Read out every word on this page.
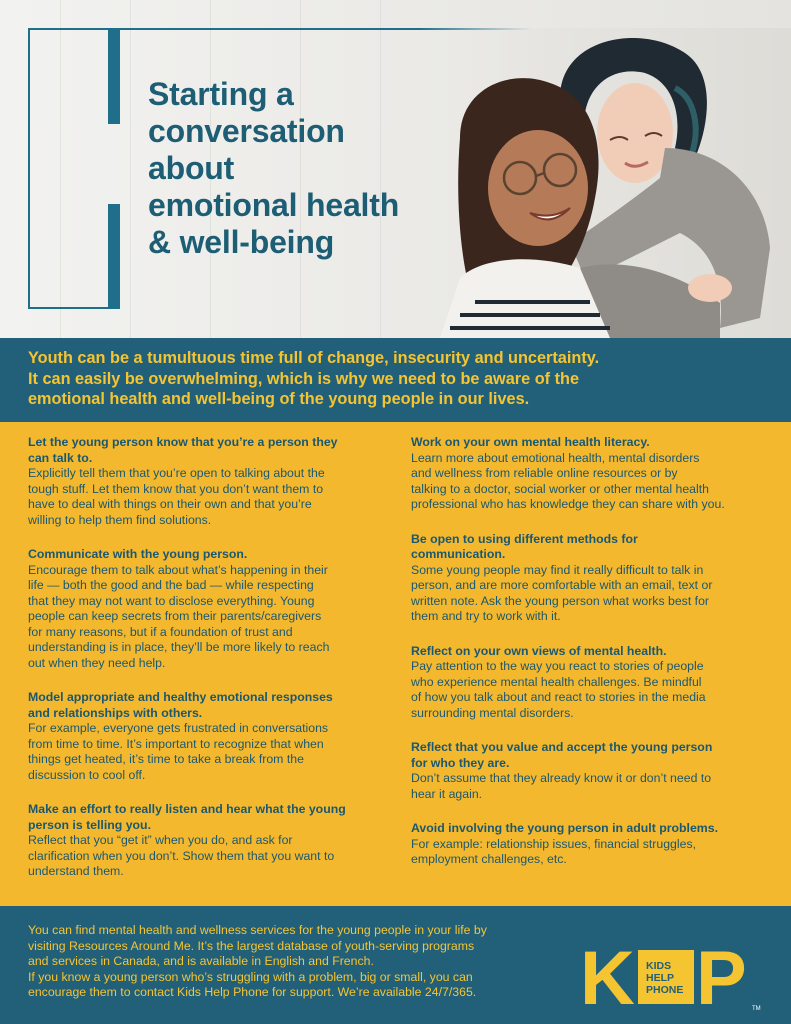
Starting a
conversation
about
emotional health
& well-being

Youth can be a tumultuous time full of change, insecurity and uncertainty.

It can easily be overwhelming, which is why we need to be aware of the

emotional health and well-being of the young people in our lives.

Let the young person know that you’re a person they
can talk to.

Explicitly tell them that you’re open to talking about the

tough stuff. Let them know that you don’t want them to

have to deal with things on their own and that you’re

willing to help them find solutions.

Communicate with the young person.

Encourage them to talk about what’s happening in their

life — both the good and the bad — while respecting

that they may not want to disclose everything. Young

people can keep secrets from their parents/caregivers

for many reasons, but if a foundation of trust and

understanding is in place, they’ll be more likely to reach

out when they need help.

Model appropriate and healthy emotional responses
and relationships with others.

For example, everyone gets frustrated in conversations

from time to time. It’s important to recognize that when

things get heated, it’s time to take a break from the

discussion to cool off.

Make an effort to really listen and hear what the young
person is telling you.

Reflect that you “get it” when you do, and ask for

clarification when you don’t. Show them that you want to

understand them.

Work on your own mental health literacy.

Learn more about emotional health, mental disorders

and wellness from reliable online resources or by

talking to a doctor, social worker or other mental health

professional who has knowledge they can share with you.

Be open to using different methods for
communication.

Some young people may find it really difficult to talk in

person, and are more comfortable with an email, text or

written note. Ask the young person what works best for

them and try to work with it.

Reflect on your own views of mental health.

Pay attention to the way you react to stories of people

who experience mental health challenges. Be mindful

of how you talk about and react to stories in the media

surrounding mental disorders.

Reflect that you value and accept the young person
for who they are.

Don’t assume that they already know it or don’t need to

hear it again.

Avoid involving the young person in adult problems.

For example: relationship issues, financial struggles,

employment challenges, etc.

You can find mental health and wellness services for the young people in your life by

visiting Resources Around Me. It’s the largest database of youth-serving programs

and services in Canada, and is available in English and French.

If you know a young person who’s struggling with a problem, big or small, you can

encourage them to contact Kids Help Phone for support. We’re available 24/7/365.	K KIDS
HELP
PHONE P TM
